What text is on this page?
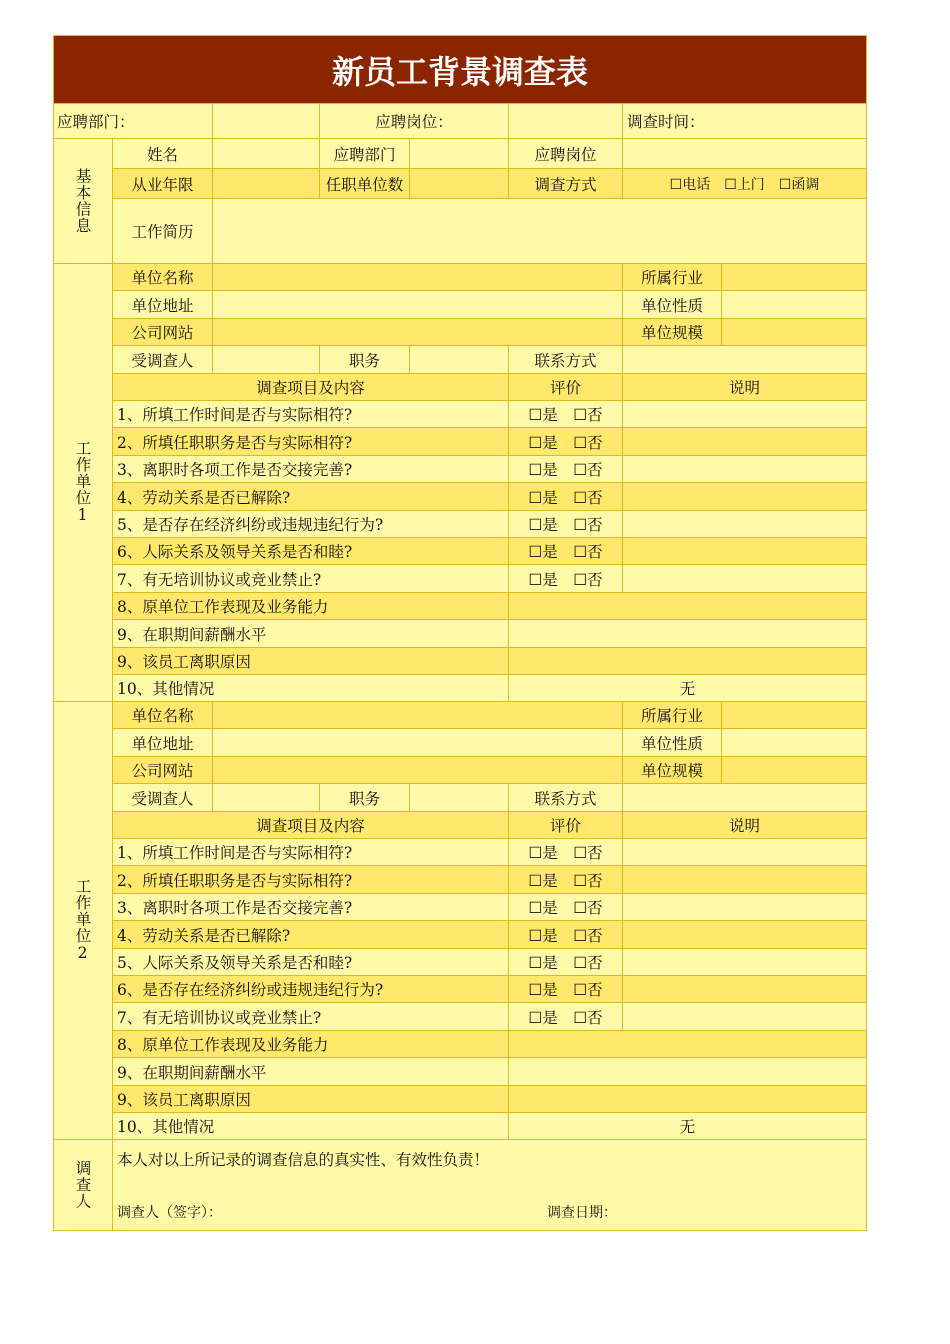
新员工背景调查表
应聘部门：	应聘岗位：	调查时间：
基本信息
姓名	应聘部门	应聘岗位
从业年限	任职单位数	调查方式	☐电话　☐上门　☐函调
工作简历
工作单位1
单位名称	所属行业
单位地址	单位性质
公司网站	单位规模
受调查人	职务	联系方式
调查项目及内容	评价	说明
1、所填工作时间是否与实际相符?	☐是　☐否
2、所填任职职务是否与实际相符?	☐是　☐否
3、离职时各项工作是否交接完善?	☐是　☐否
4、劳动关系是否已解除?	☐是　☐否
5、是否存在经济纠纷或违规违纪行为?	☐是　☐否
6、人际关系及领导关系是否和睦?	☐是　☐否
7、有无培训协议或竞业禁止?	☐是　☐否
8、原单位工作表现及业务能力
9、在职期间薪酬水平
9、该员工离职原因
10、其他情况	无
工作单位2
单位名称	所属行业
单位地址	单位性质
公司网站	单位规模
受调查人	职务	联系方式
调查项目及内容	评价	说明
1、所填工作时间是否与实际相符?	☐是　☐否
2、所填任职职务是否与实际相符?	☐是　☐否
3、离职时各项工作是否交接完善?	☐是　☐否
4、劳动关系是否已解除?	☐是　☐否
5、人际关系及领导关系是否和睦?	☐是　☐否
6、是否存在经济纠纷或违规违纪行为?	☐是　☐否
7、有无培训协议或竞业禁止?	☐是　☐否
8、原单位工作表现及业务能力
9、在职期间薪酬水平
9、该员工离职原因
10、其他情况	无
调查人
本人对以上所记录的调查信息的真实性、有效性负责！
调查人（签字）：	调查日期：
